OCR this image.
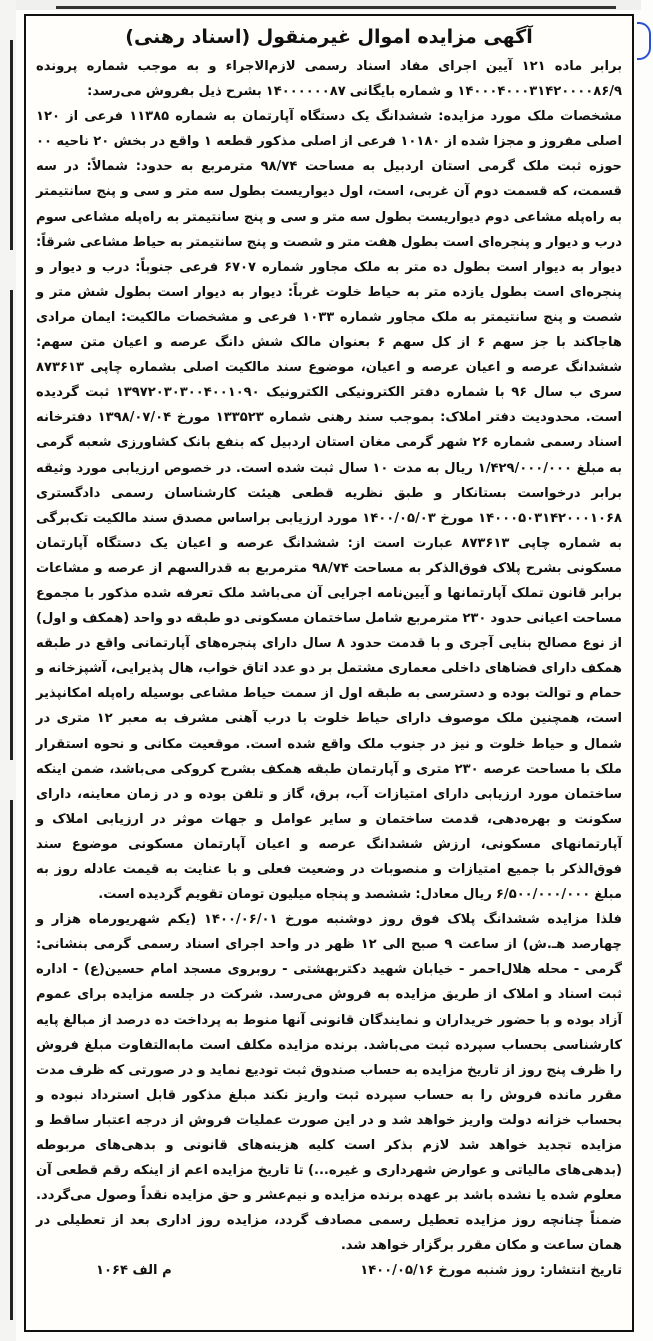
آگهی مزایده اموال غیرمنقول (اسناد رهنی)

برابر ماده ۱۲۱ آیین اجرای مفاد اسناد رسمی لازم‌الاجراء و به موجب شماره پرونده ۱۴۰۰۰۴۰۰۰۳۱۴۲۰۰۰۰۸۶/۹ و شماره بایگانی ۱۴۰۰۰۰۰۰۸۷ بشرح ذیل بفروش می‌رسد:

مشخصات ملک مورد مزایده: ششدانگ یک دستگاه آپارتمان به شماره ۱۱۳۸۵ فرعی از ۱۲۰ اصلی مفروز و مجزا شده از ۱۰۱۸۰ فرعی از اصلی مذکور قطعه ۱ واقع در بخش ۲۰ ناحیه ۰۰ حوزه ثبت ملک گرمی استان اردبیل به مساحت ۹۸/۷۴ مترمربع به حدود: شمالاً: در سه قسمت، که قسمت دوم آن غربی، است، اول دیواریست بطول سه متر و سی و پنج سانتیمتر به راه‌پله مشاعی دوم دیواریست بطول سه متر و سی و پنج سانتیمتر به راه‌پله مشاعی سوم درب و دیوار و پنجره‌ای است بطول هفت متر و شصت و پنج سانتیمتر به حیاط مشاعی شرقاً: دیوار به دیوار است بطول ده متر به ملک مجاور شماره ۶۷۰۷ فرعی جنوباً: درب و دیوار و پنجره‌ای است بطول یازده متر به حیاط خلوت غرباً: دیوار به دیوار است بطول شش متر و شصت و پنج سانتیمتر به ملک مجاور شماره ۱۰۳۳ فرعی و مشخصات مالکیت: ایمان مرادی هاجاکند با جز سهم ۶ از کل سهم ۶ بعنوان مالک شش دانگ عرصه و اعیان متن سهم: ششدانگ عرصه و اعیان عرصه و اعیان، موضوع سند مالکیت اصلی بشماره چاپی ۸۷۳۶۱۳ سری ب سال ۹۶ با شماره دفتر الکترونیکی الکترونیک ۱۳۹۷۲۰۳۰۳۰۰۴۰۰۱۰۹۰ ثبت گردیده است. محدودیت دفتر املاک: بموجب سند رهنی شماره ۱۳۳۵۲۳ مورخ ۱۳۹۸/۰۷/۰۴ دفترخانه اسناد رسمی شماره ۲۶ شهر گرمی مغان استان اردبیل که بنفع بانک کشاورزی شعبه گرمی به مبلغ ۱/۴۲۹/۰۰۰/۰۰۰ ریال به مدت ۱۰ سال ثبت شده است. در خصوص ارزیابی مورد وثیقه برابر درخواست بستانکار و طبق نظریه قطعی هیئت کارشناسان رسمی دادگستری ۱۴۰۰۰۵۰۳۱۴۲۰۰۰۱۰۶۸ مورخ ۱۴۰۰/۰۵/۰۳ مورد ارزیابی براساس مصدق سند مالکیت تک‌برگی به شماره چاپی ۸۷۳۶۱۳ عبارت است از: ششدانگ عرصه و اعیان یک دستگاه آپارتمان مسکونی بشرح پلاک فوق‌الذکر به مساحت ۹۸/۷۴ مترمربع به قدرالسهم از عرصه و مشاعات برابر قانون تملک آپارتمانها و آیین‌نامه اجرایی آن می‌باشد ملک تعرفه شده مذکور با مجموع مساحت اعیانی حدود ۲۳۰ مترمربع شامل ساختمان مسکونی دو طبقه دو واحد (همکف و اول) از نوع مصالح بنایی آجری و با قدمت حدود ۸ سال دارای پنجره‌های آپارتمانی واقع در طبقه همکف دارای فضاهای داخلی معماری مشتمل بر دو عدد اتاق خواب، هال پذیرایی، آشپزخانه و حمام و توالت بوده و دسترسی به طبقه اول از سمت حیاط مشاعی بوسیله راه‌پله امکانپذیر است، همچنین ملک موصوف دارای حیاط خلوت با درب آهنی مشرف به معبر ۱۲ متری در شمال و حیاط خلوت و نیز در جنوب ملک واقع شده است. موقعیت مکانی و نحوه استقرار ملک با مساحت عرصه ۲۳۰ متری و آپارتمان طبقه همکف بشرح کروکی می‌باشد، ضمن اینکه ساختمان مورد ارزیابی دارای امتیازات آب، برق، گاز و تلفن بوده و در زمان معاینه، دارای سکونت و بهره‌دهی، قدمت ساختمان و سایر عوامل و جهات موثر در ارزیابی املاک و آپارتمانهای مسکونی، ارزش ششدانگ عرصه و اعیان آپارتمان مسکونی موضوع سند فوق‌الذکر با جمیع امتیازات و منصوبات در وضعیت فعلی و با عنایت به قیمت عادله روز به مبلغ ۶/۵۰۰/۰۰۰/۰۰۰ ریال معادل: ششصد و پنجاه میلیون تومان تقویم گردیده است.

فلذا مزایده ششدانگ پلاک فوق روز دوشنبه مورخ ۱۴۰۰/۰۶/۰۱ (یکم شهریورماه هزار و چهارصد هـ.ش) از ساعت ۹ صبح الی ۱۲ ظهر در واحد اجرای اسناد رسمی گرمی بنشانی: گرمی - محله هلال‌احمر - خیابان شهید دکتربهشتی - روبروی مسجد امام حسین(ع) - اداره ثبت اسناد و املاک از طریق مزایده به فروش می‌رسد. شرکت در جلسه مزایده برای عموم آزاد بوده و با حضور خریداران و نمایندگان قانونی آنها منوط به پرداخت ده درصد از مبالغ پایه کارشناسی بحساب سپرده ثبت می‌باشد. برنده مزایده مکلف است مابه‌التفاوت مبلغ فروش را ظرف پنج روز از تاریخ مزایده به حساب صندوق ثبت تودیع نماید و در صورتی که ظرف مدت مقرر مانده فروش را به حساب سپرده ثبت واریز نکند مبلغ مذکور قابل استرداد نبوده و بحساب خزانه دولت واریز خواهد شد و در این صورت عملیات فروش از درجه اعتبار ساقط و مزایده تجدید خواهد شد لازم بذکر است کلیه هزینه‌های قانونی و بدهی‌های مربوطه (بدهی‌های مالیاتی و عوارض شهرداری و غیره...) تا تاریخ مزایده اعم از اینکه رقم قطعی آن معلوم شده یا نشده باشد بر عهده برنده مزایده و نیم‌عشر و حق مزایده نقداً وصول می‌گردد. ضمناً چنانچه روز مزایده تعطیل رسمی مصادف گردد، مزایده روز اداری بعد از تعطیلی در همان ساعت و مکان مقرر برگزار خواهد شد.

تاریخ انتشار: روز شنبه مورخ ۱۴۰۰/۰۵/۱۶
م الف ۱۰۶۴
